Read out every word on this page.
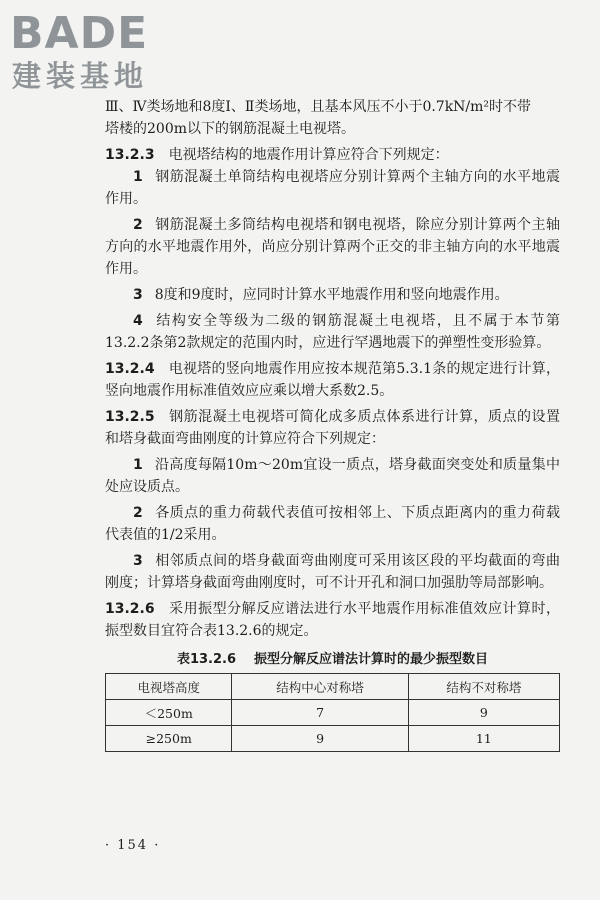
BADE
建装基地

Ⅲ、Ⅳ类场地和8度Ⅰ、Ⅱ类场地，且基本风压不小于0.7kN/m²时不带

塔楼的200m以下的钢筋混凝土电视塔。

13.2.3 电视塔结构的地震作用计算应符合下列规定：

1 钢筋混凝土单筒结构电视塔应分别计算两个主轴方向的水平地震作用。

2 钢筋混凝土多筒结构电视塔和钢电视塔，除应分别计算两个主轴方向的水平地震作用外，尚应分别计算两个正交的非主轴方向的水平地震作用。

3 8度和9度时，应同时计算水平地震作用和竖向地震作用。

4 结构安全等级为二级的钢筋混凝土电视塔，且不属于本节第13.2.2条第2款规定的范围内时，应进行罕遇地震下的弹塑性变形验算。

13.2.4 电视塔的竖向地震作用应按本规范第5.3.1条的规定进行计算，竖向地震作用标准值效应应乘以增大系数2.5。

13.2.5 钢筋混凝土电视塔可简化成多质点体系进行计算，质点的设置和塔身截面弯曲刚度的计算应符合下列规定：

1 沿高度每隔10m～20m宜设一质点，塔身截面突变处和质量集中处应设质点。

2 各质点的重力荷载代表值可按相邻上、下质点距离内的重力荷载代表值的1/2采用。

3 相邻质点间的塔身截面弯曲刚度可采用该区段的平均截面的弯曲刚度；计算塔身截面弯曲刚度时，可不计开孔和洞口加强肋等局部影响。

13.2.6 采用振型分解反应谱法进行水平地震作用标准值效应计算时，振型数目宜符合表13.2.6的规定。

表13.2.6 振型分解反应谱法计算时的最少振型数目
电视塔高度	结构中心对称塔	结构不对称塔
＜250m	7	9
≥250m	9	11
· 154 ·
